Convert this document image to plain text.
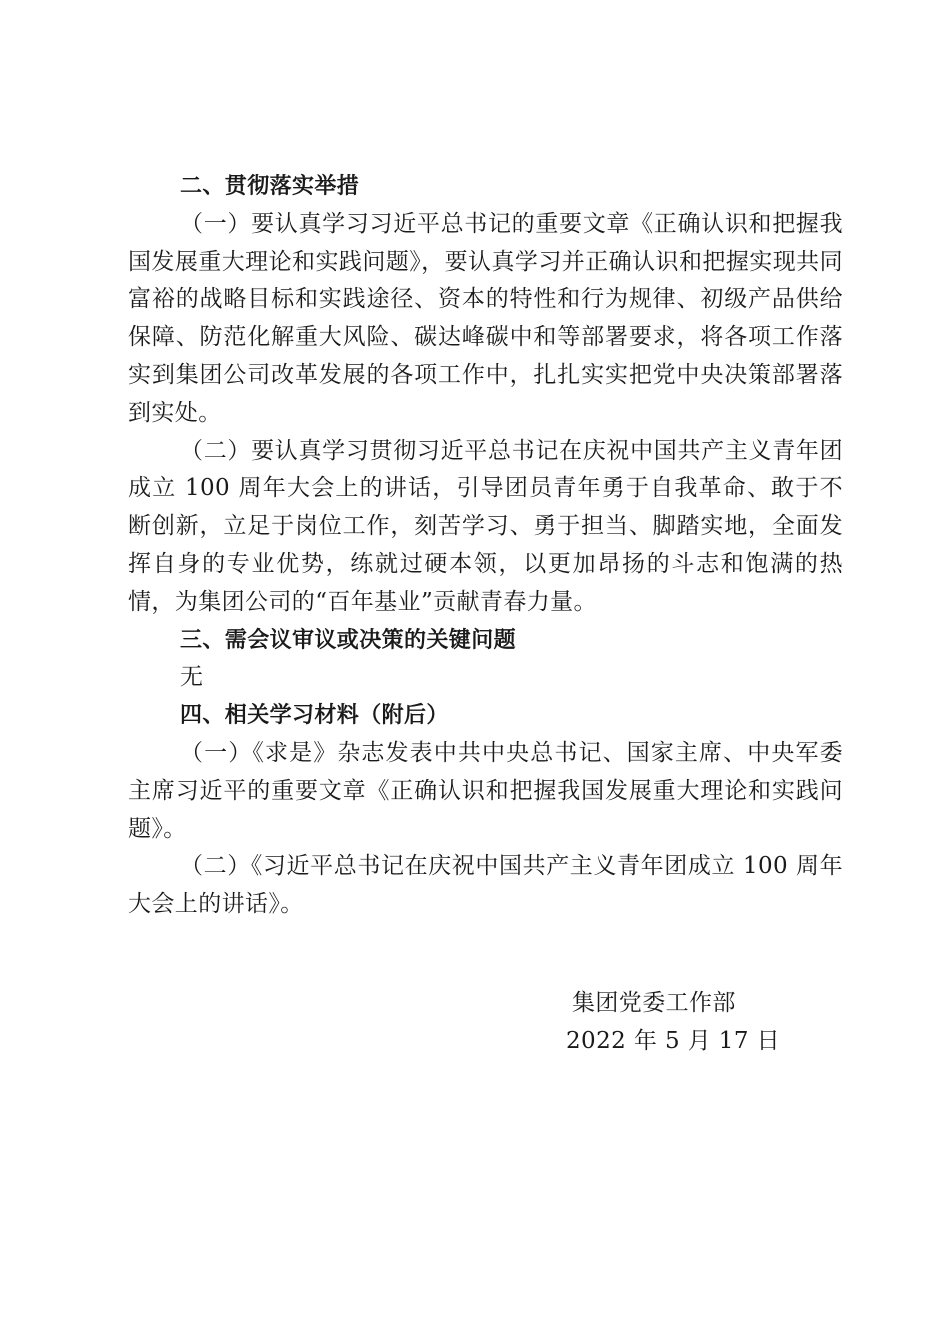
二、贯彻落实举措

（一）要认真学习习近平总书记的重要文章《正确认识和把握我国发展重大理论和实践问题》，要认真学习并正确认识和把握实现共同富裕的战略目标和实践途径、资本的特性和行为规律、初级产品供给保障、防范化解重大风险、碳达峰碳中和等部署要求，将各项工作落实到集团公司改革发展的各项工作中，扎扎实实把党中央决策部署落到实处。

（二）要认真学习贯彻习近平总书记在庆祝中国共产主义青年团成立 100 周年大会上的讲话，引导团员青年勇于自我革命、敢于不断创新，立足于岗位工作，刻苦学习、勇于担当、脚踏实地，全面发挥自身的专业优势，练就过硬本领，以更加昂扬的斗志和饱满的热情，为集团公司的“百年基业”贡献青春力量。

三、需会议审议或决策的关键问题

无

四、相关学习材料（附后）

（一）《求是》杂志发表中共中央总书记、国家主席、中央军委主席习近平的重要文章《正确认识和把握我国发展重大理论和实践问题》。

（二）《习近平总书记在庆祝中国共产主义青年团成立 100 周年大会上的讲话》。

集团党委工作部
2022 年 5 月 17 日
